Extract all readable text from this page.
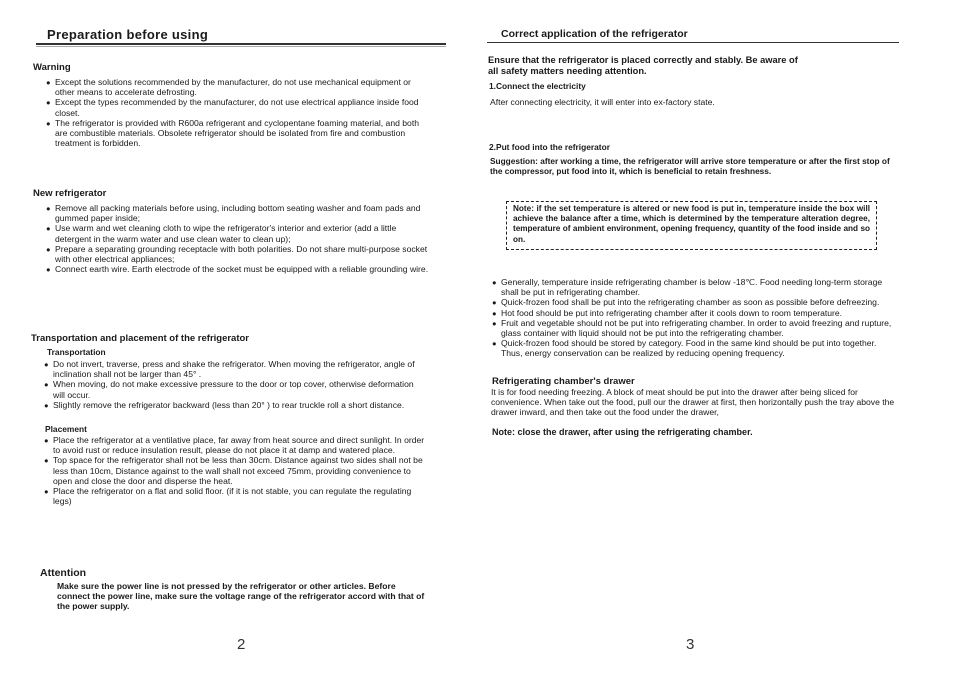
Preparation before using
Warning
● Except the solutions recommended by the manufacturer, do not use mechanical equipment or other means to accelerate defrosting.
● Except the types recommended by the manufacturer, do not use electrical appliance inside food closet.
● The refrigerator is provided with R600a refrigerant and cyclopentane foaming material, and both are combustible materials. Obsolete refrigerator should be isolated from fire and combustion treatment is forbidden.
New refrigerator
● Remove all packing materials before using, including bottom seating washer and foam pads and gummed paper inside;
● Use warm and wet cleaning cloth to wipe the refrigerator's interior and exterior (add a little detergent in the warm water and use clean water to clean up);
● Prepare a separating grounding receptacle with both polarities. Do not share multi-purpose socket with other electrical appliances;
● Connect earth wire. Earth electrode of the socket must be equipped with a reliable grounding wire.
Transportation and placement of the refrigerator
Transportation
● Do not invert, traverse, press and shake the refrigerator. When moving the refrigerator, angle of inclination shall not be larger than 45° .
● When moving, do not make excessive pressure to the door or top cover, otherwise deformation will occur.
● Slightly remove the refrigerator backward (less than 20° ) to rear truckle roll a short distance.
Placement
● Place the refrigerator at a ventilative place, far away from heat source and direct sunlight. In order to avoid rust or reduce insulation result, please do not place it at damp and watered place.
● Top space for the refrigerator shall not be less than 30cm. Distance against two sides shall not be less than 10cm, Distance against to the wall shall not exceed 75mm, providing convenience to open and close the door and disperse the heat.
● Place the refrigerator on a flat and solid floor. (if it is not stable, you can regulate the regulating legs)
Attention
Make sure the power line is not pressed by the refrigerator or other articles. Before connect the power line, make sure the voltage range of the refrigerator accord with that of the power supply.
2
Correct application of the refrigerator
Ensure that the refrigerator is placed correctly and stably. Be aware of all safety matters needing attention.
1.Connect the electricity
After connecting electricity, it will enter into ex-factory state.
2.Put food into the refrigerator
Suggestion: after working a time, the refrigerator will arrive store temperature or after the first stop of the compressor, put food into it, which is beneficial to retain freshness.
Note: if the set temperature is altered or new food is put in, temperature inside the box will achieve the balance after a time, which is determined by the temperature alteration degree, temperature of ambient environment, opening frequency, quantity of the food inside and so on.
● Generally, temperature inside refrigerating chamber is below -18℃. Food needing long-term storage shall be put in refrigerating chamber.
● Quick-frozen food shall be put into the refrigerating chamber as soon as possible before defreezing.
● Hot food should be put into refrigerating chamber after it cools down to room temperature.
● Fruit and vegetable should not be put into refrigerating chamber. In order to avoid freezing and rupture, glass container with liquid should not be put into the refrigerating chamber.
● Quick-frozen food should be stored by category. Food in the same kind should be put into together. Thus, energy conservation can be realized by reducing opening frequency.
Refrigerating chamber's drawer
It is for food needing freezing. A block of meat should be put into the drawer after being sliced for convenience. When take out the food, pull our the drawer at first, then horizontally push the tray above the drawer inward, and then take out the food under the drawer,
Note: close the drawer, after using the refrigerating chamber.
3
